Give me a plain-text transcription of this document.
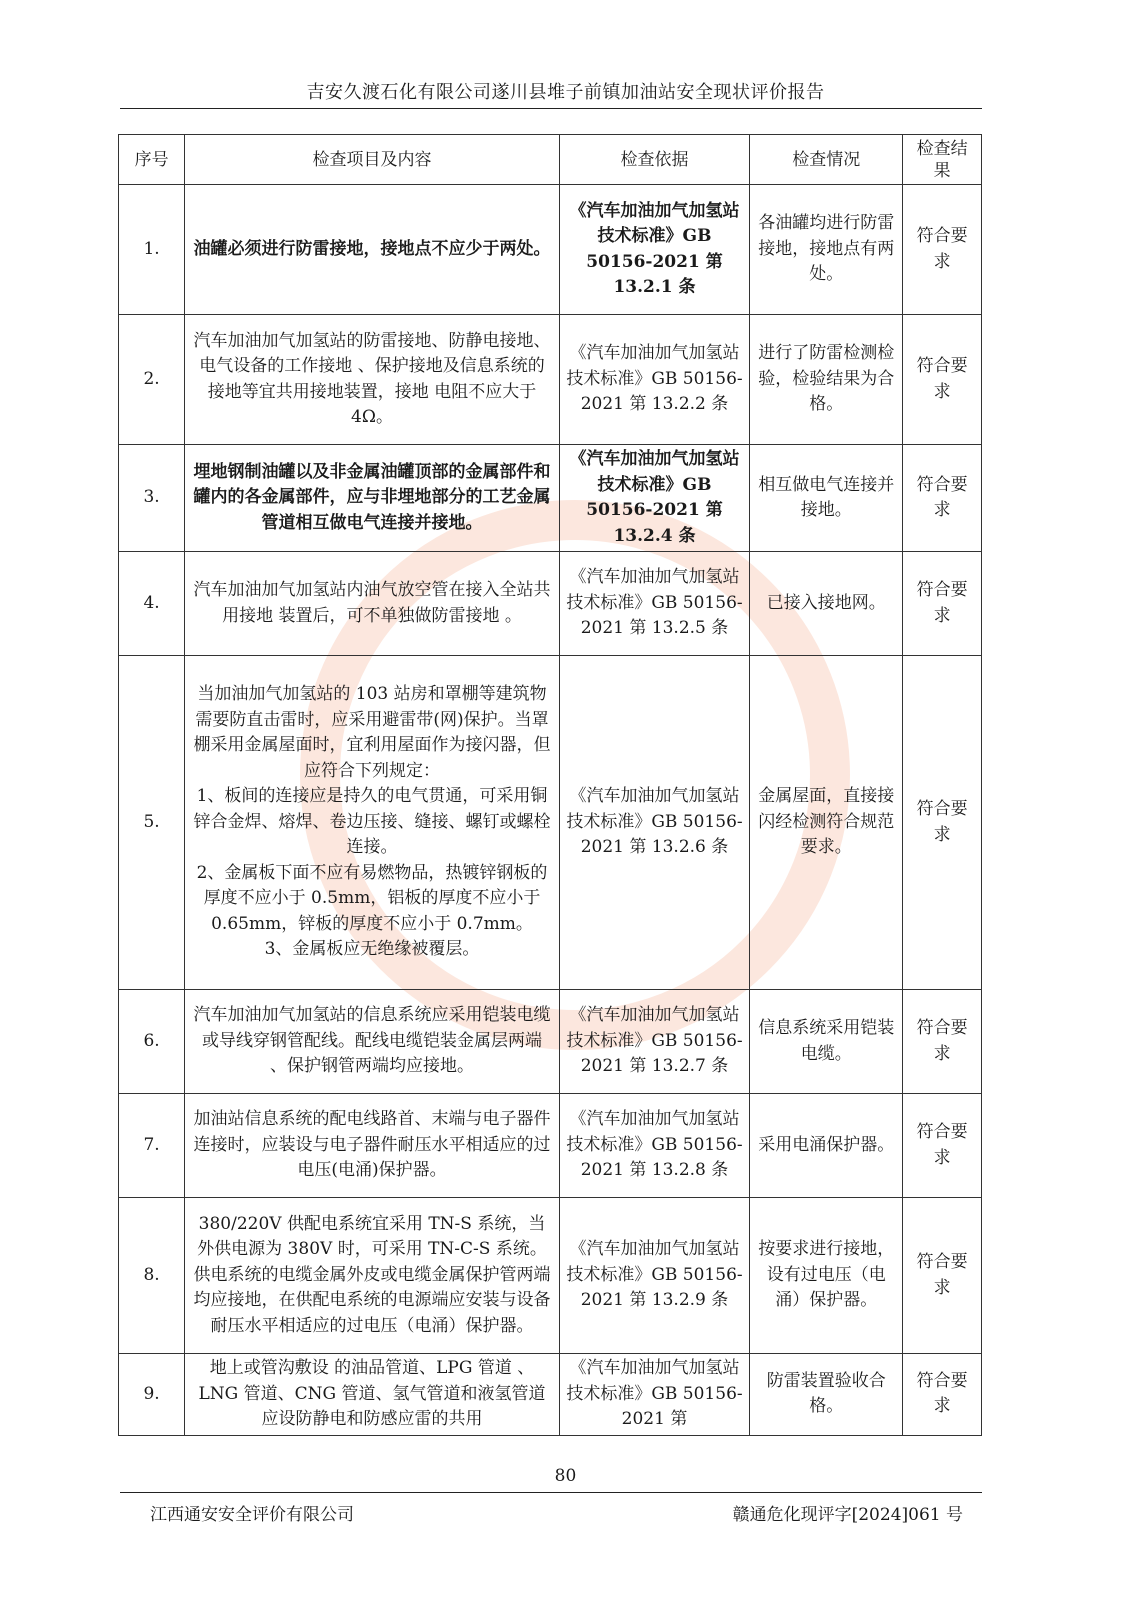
吉安久渡石化有限公司遂川县堆子前镇加油站安全现状评价报告
序号	检查项目及内容	检查依据	检查情况	检查结果
1.	油罐必须进行防雷接地，接地点不应少于两处。	《汽车加油加气加氢站技术标准》GB 50156-2021 第 13.2.1 条	各油罐均进行防雷接地，接地点有两处。	符合要求
2.	汽车加油加气加氢站的防雷接地、防静电接地、电气设备的工作接地 、保护接地及信息系统的接地等宜共用接地装置，接地 电阻不应大于 4Ω。	《汽车加油加气加氢站技术标准》GB 50156-2021 第 13.2.2 条	进行了防雷检测检验，检验结果为合格。	符合要求
3.	埋地钢制油罐以及非金属油罐顶部的金属部件和罐内的各金属部件，应与非埋地部分的工艺金属管道相互做电气连接并接地。	《汽车加油加气加氢站技术标准》GB 50156-2021 第 13.2.4 条	相互做电气连接并接地。	符合要求
4.	汽车加油加气加氢站内油气放空管在接入全站共用接地 装置后，可不单独做防雷接地 。	《汽车加油加气加氢站技术标准》GB 50156-2021 第 13.2.5 条	已接入接地网。	符合要求
5.	当加油加气加氢站的 103 站房和罩棚等建筑物需要防直击雷时，应采用避雷带(网)保护。当罩棚采用金属屋面时，宜利用屋面作为接闪器，但应符合下列规定：
1、板间的连接应是持久的电气贯通，可采用铜锌合金焊、熔焊、卷边压接、缝接、螺钉或螺栓连接。
2、金属板下面不应有易燃物品，热镀锌钢板的厚度不应小于 0.5mm，铝板的厚度不应小于 0.65mm，锌板的厚度不应小于 0.7mm。
3、金属板应无绝缘被覆层。	《汽车加油加气加氢站技术标准》GB 50156-2021 第 13.2.6 条	金属屋面，直接接闪经检测符合规范要求。	符合要求
6.	汽车加油加气加氢站的信息系统应采用铠装电缆或导线穿钢管配线。配线电缆铠装金属层两端 、保护钢管两端均应接地。	《汽车加油加气加氢站技术标准》GB 50156-2021 第 13.2.7 条	信息系统采用铠装电缆。	符合要求
7.	加油站信息系统的配电线路首、末端与电子器件连接时，应装设与电子器件耐压水平相适应的过电压(电涌)保护器。	《汽车加油加气加氢站技术标准》GB 50156-2021 第 13.2.8 条	采用电涌保护器。	符合要求
8.	380/220V 供配电系统宜采用 TN-S 系统，当外供电源为 380V 时，可采用 TN-C-S 系统。供电系统的电缆金属外皮或电缆金属保护管两端均应接地，在供配电系统的电源端应安装与设备耐压水平相适应的过电压（电涌）保护器。	《汽车加油加气加氢站技术标准》GB 50156-2021 第 13.2.9 条	按要求进行接地，设有过电压（电涌）保护器。	符合要求
9.	地上或管沟敷设 的油品管道、LPG 管道 、LNG 管道、CNG 管道、氢气管道和液氢管道应设防静电和防感应雷的共用	《汽车加油加气加氢站技术标准》GB 50156-2021 第	防雷装置验收合格。	符合要求
80
江西通安安全评价有限公司	赣通危化现评字[2024]061 号
